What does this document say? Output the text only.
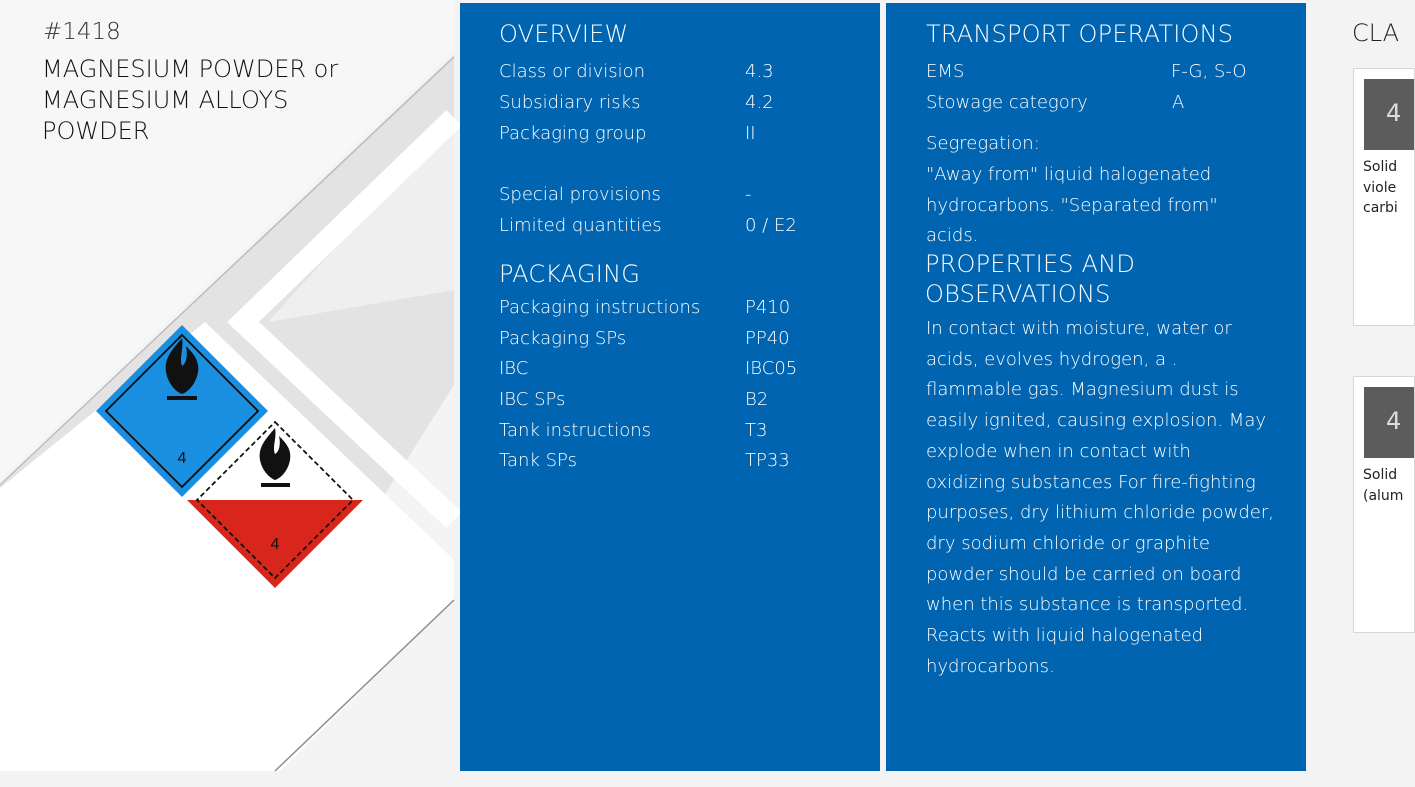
4
4
#1418
MAGNESIUM POWDER or MAGNESIUM ALLOYS POWDER
OVERVIEW
Class or division	4.3
Subsidiary risks	4.2
Packaging group	II
Special provisions	-
Limited quantities	0 / E2
PACKAGING
Packaging instructions P410
Packaging SPs	PP40
IBC	IBC05
IBC SPs	B2
Tank instructions	T3
Tank SPs	TP33
TRANSPORT OPERATIONS
EMS	F-G, S-O
Stowage category	A
Segregation:
"Away from" liquid halogenated hydrocarbons. "Separated from" acids.
PROPERTIES AND OBSERVATIONS
In contact with moisture, water or acids, evolves hydrogen, a . flammable gas. Magnesium dust is easily ignited, causing explosion. May explode when in contact with oxidizing substances For fire-fighting purposes, dry lithium chloride powder, dry sodium chloride or graphite powder should be carried on board when this substance is transported. Reacts with liquid halogenated hydrocarbons.
CLA
4
Solid
viole
carbi
4
Solid
(alum
